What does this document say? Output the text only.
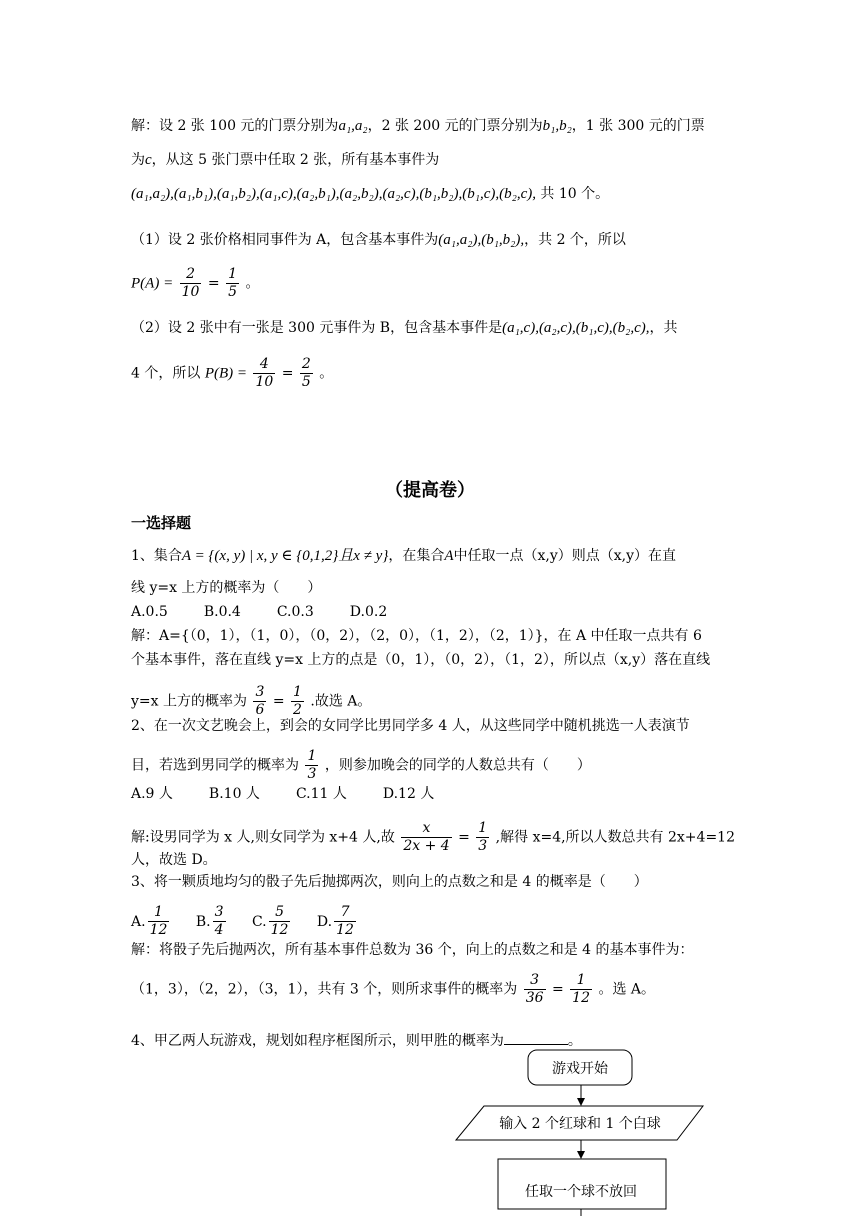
解：设 2 张 100 元的门票分别为a₁,a₂，2 张 200 元的门票分别为b₁,b₂，1 张 300 元的门票
为c，从这 5 张门票中任取 2 张，所有基本事件为
(a₁,a₂),(a₁,b₁),(a₁,b₂),(a₁,c),(a₂,b₁),(a₂,b₂),(a₂,c),(b₁,b₂),(b₁,c),(b₂,c), 共 10 个。
（1）设 2 张价格相同事件为 A，包含基本事件为(a₁,a₂),(b₁,b₂),，共 2 个，所以
$P(A) = \frac{2}{10} = \frac{1}{5}$ 。
（2）设 2 张中有一张是 300 元事件为 B，包含基本事件是(a₁,c),(a₂,c),(b₁,c),(b₂,c),，共
4 个，所以 $P(B) = \frac{4}{10} = \frac{2}{5}$ 。
（提高卷）
一选择题
1、集合A = {(x, y) | x, y ∈ {0,1,2}且x ≠ y}，在集合A中任取一点（x,y）则点（x,y）在直
线 y=x 上方的概率为（　　）
A.0.5	B.0.4	C.0.3	D.0.2
解：A={（0，1），（1，0），（0，2），（2，0），（1，2），（2，1）}，在 A 中任取一点共有 6
个基本事件，落在直线 y=x 上方的点是（0，1），（0，2），（1，2），所以点（x,y）落在直线
y=x 上方的概率为 $\frac{3}{6} = \frac{1}{2}$ .故选 A。
2、在一次文艺晚会上，到会的女同学比男同学多 4 人，从这些同学中随机挑选一人表演节
目，若选到男同学的概率为 $\frac{1}{3}$ ，则参加晚会的同学的人数总共有（　　）
A.9 人	B.10 人	C.11 人	D.12 人
解:设男同学为 x 人,则女同学为 x+4 人,故 $\frac{x}{2x + 4} = \frac{1}{3}$ ,解得 x=4,所以人数总共有 2x+4=12
人，故选 D。
3、将一颗质地均匀的骰子先后抛掷两次，则向上的点数之和是 4 的概率是（　　）
A. $\frac{1}{12} B$. $\frac{3}{4} C$. $\frac{5}{12} D$. $\frac{7}{12}$
解：将骰子先后抛两次，所有基本事件总数为 36 个，向上的点数之和是 4 的基本事件为：
（1，3），（2，2），（3，1），共有 3 个，则所求事件的概率为 $\frac{3}{36} = \frac{1}{12}$ 。选 A。
4、甲乙两人玩游戏，规划如程序框图所示，则甲胜的概率为	。
游戏开始
输入 2 个红球和 1 个白球
任取一个球不放回
